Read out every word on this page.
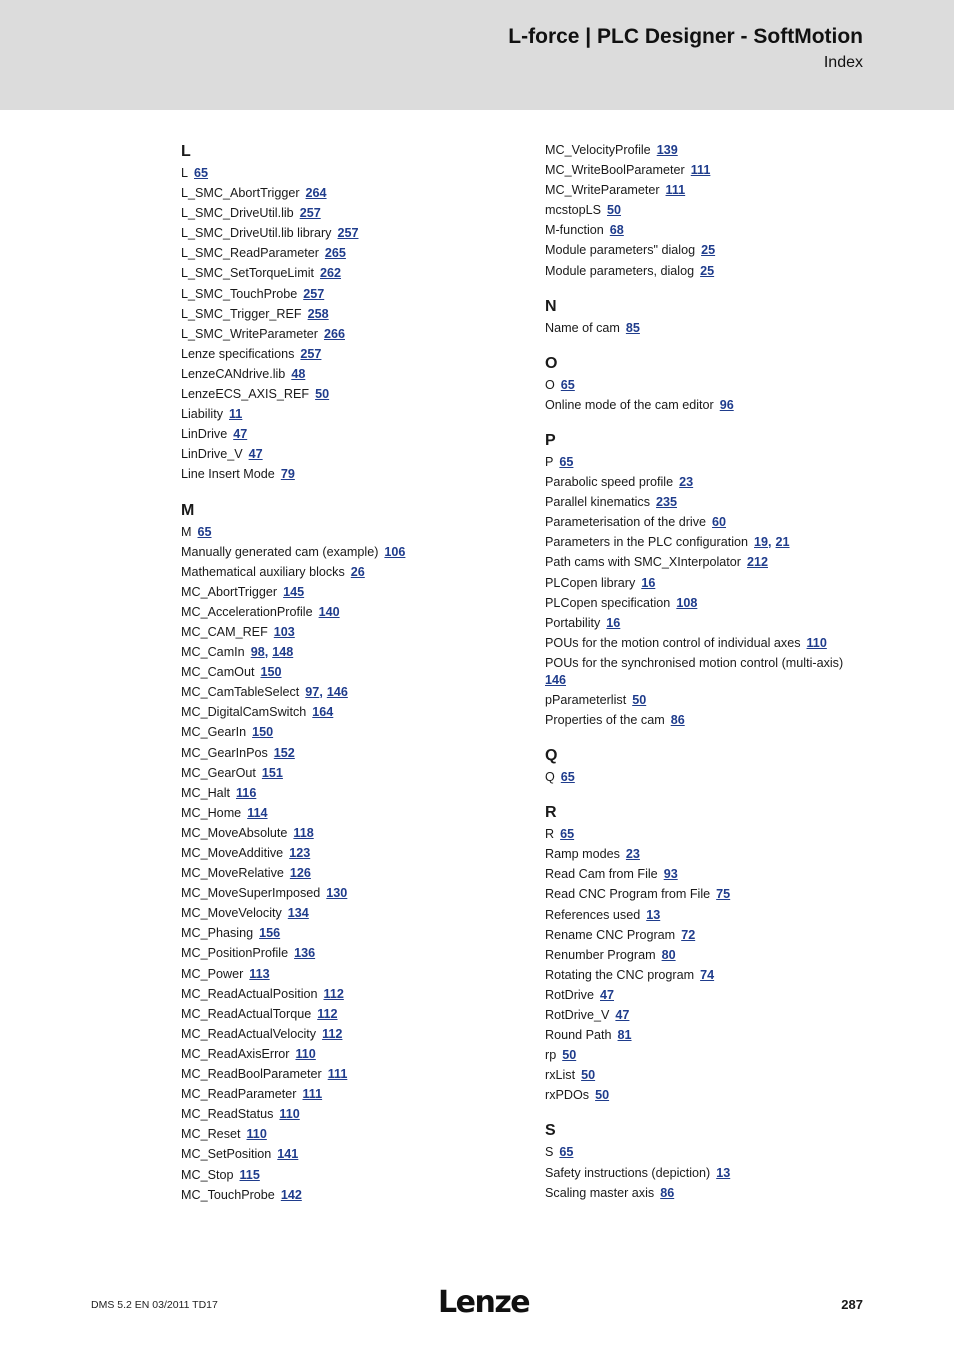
L-force | PLC Designer - SoftMotion
Index
L
L 65
L_SMC_AbortTrigger 264
L_SMC_DriveUtil.lib 257
L_SMC_DriveUtil.lib library 257
L_SMC_ReadParameter 265
L_SMC_SetTorqueLimit 262
L_SMC_TouchProbe 257
L_SMC_Trigger_REF 258
L_SMC_WriteParameter 266
Lenze specifications 257
LenzeCANdrive.lib 48
LenzeECS_AXIS_REF 50
Liability 11
LinDrive 47
LinDrive_V 47
Line Insert Mode 79
M
M 65
Manually generated cam (example) 106
Mathematical auxiliary blocks 26
MC_AbortTrigger 145
MC_AccelerationProfile 140
MC_CAM_REF 103
MC_CamIn 98, 148
MC_CamOut 150
MC_CamTableSelect 97, 146
MC_DigitalCamSwitch 164
MC_GearIn 150
MC_GearInPos 152
MC_GearOut 151
MC_Halt 116
MC_Home 114
MC_MoveAbsolute 118
MC_MoveAdditive 123
MC_MoveRelative 126
MC_MoveSuperImposed 130
MC_MoveVelocity 134
MC_Phasing 156
MC_PositionProfile 136
MC_Power 113
MC_ReadActualPosition 112
MC_ReadActualTorque 112
MC_ReadActualVelocity 112
MC_ReadAxisError 110
MC_ReadBoolParameter 111
MC_ReadParameter 111
MC_ReadStatus 110
MC_Reset 110
MC_SetPosition 141
MC_Stop 115
MC_TouchProbe 142
MC_VelocityProfile 139
MC_WriteBoolParameter 111
MC_WriteParameter 111
mcstopLS 50
M-function 68
Module parameters" dialog 25
Module parameters, dialog 25
N
Name of cam 85
O
O 65
Online mode of the cam editor 96
P
P 65
Parabolic speed profile 23
Parallel kinematics 235
Parameterisation of the drive 60
Parameters in the PLC configuration 19, 21
Path cams with SMC_XInterpolator 212
PLCopen library 16
PLCopen specification 108
Portability 16
POUs for the motion control of individual axes 110
POUs for the synchronised motion control (multi-axis)
146
pParameterlist 50
Properties of the cam 86
Q
Q 65
R
R 65
Ramp modes 23
Read Cam from File 93
Read CNC Program from File 75
References used 13
Rename CNC Program 72
Renumber Program 80
Rotating the CNC program 74
RotDrive 47
RotDrive_V 47
Round Path 81
rp 50
rxList 50
rxPDOs 50
S
S 65
Safety instructions (depiction) 13
Scaling master axis 86
DMS 5.2 EN 03/2011 TD17	Lenze	287
